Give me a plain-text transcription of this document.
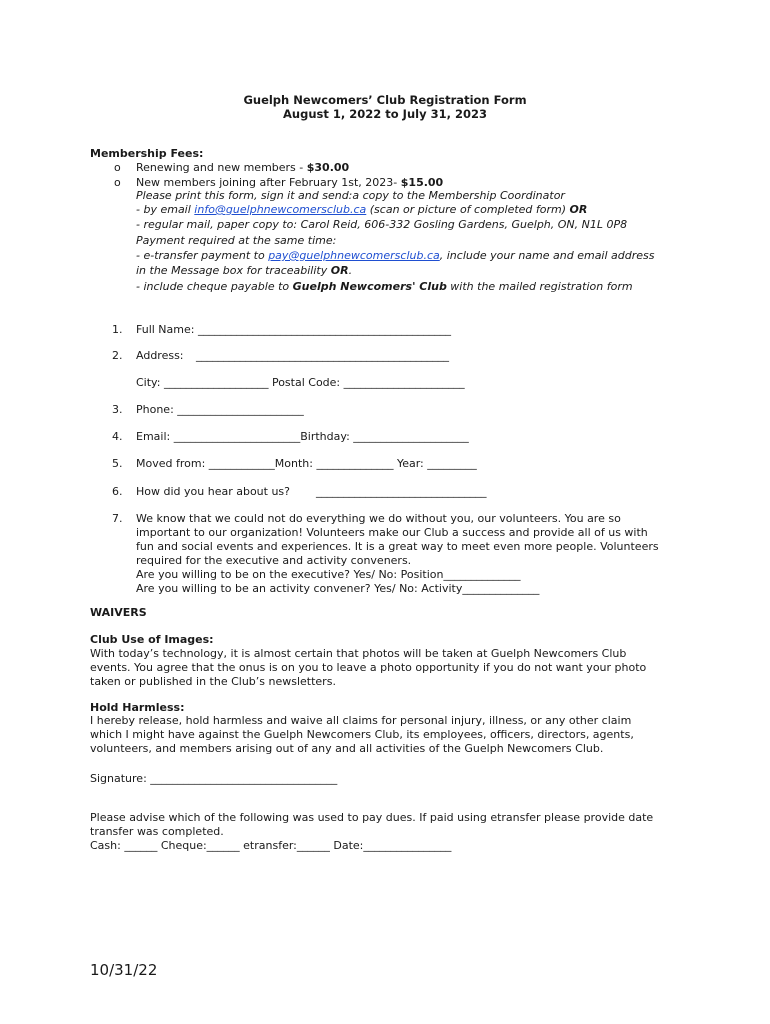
Guelph Newcomers’ Club Registration Form
August 1, 2022 to July 31, 2023
Membership Fees:
o Renewing and new members - $30.00
o New members joining after February 1st, 2023- $15.00
Please print this form, sign it and send:a copy to the Membership Coordinator
- by email info@guelphnewcomersclub.ca (scan or picture of completed form) OR
- regular mail, paper copy to: Carol Reid, 606-332 Gosling Gardens, Guelph, ON, N1L 0P8
Payment required at the same time:
- e-transfer payment to pay@guelphnewcomersclub.ca, include your name and email address
in the Message box for traceability OR.
- include cheque payable to Guelph Newcomers' Club with the mailed registration form
1. Full Name: ______________________________________________
2. Address: ______________________________________________
City: ___________________ Postal Code: ______________________
3. Phone: _______________________
4. Email: _______________________Birthday: _____________________
5. Moved from: ____________Month: ______________ Year: _________
6. How did you hear about us? _______________________________
7. We know that we could not do everything we do without you, our volunteers. You are so
important to our organization! Volunteers make our Club a success and provide all of us with
fun and social events and experiences. It is a great way to meet even more people. Volunteers
required for the executive and activity conveners.
Are you willing to be on the executive? Yes/ No: Position______________
Are you willing to be an activity convener? Yes/ No: Activity______________
WAIVERS
Club Use of Images:
With today’s technology, it is almost certain that photos will be taken at Guelph Newcomers Club
events. You agree that the onus is on you to leave a photo opportunity if you do not want your photo
taken or published in the Club’s newsletters.
Hold Harmless:
I hereby release, hold harmless and waive all claims for personal injury, illness, or any other claim
which I might have against the Guelph Newcomers Club, its employees, officers, directors, agents,
volunteers, and members arising out of any and all activities of the Guelph Newcomers Club.
Signature: __________________________________
Please advise which of the following was used to pay dues. If paid using etransfer please provide date
transfer was completed.
Cash: ______ Cheque:______ etransfer:______ Date:________________
10/31/22
